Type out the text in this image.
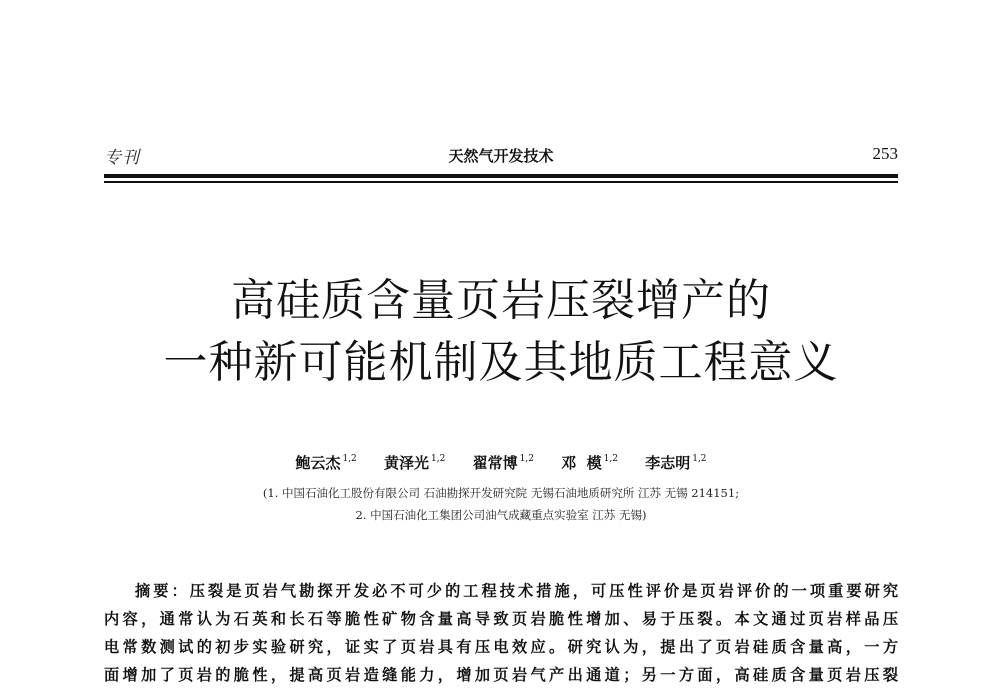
专刊	天然气开发技术	253
高硅质含量页岩压裂增产的
一种新可能机制及其地质工程意义
鲍云杰 $^{1,2}$ 黄泽光 $^{1,2}$ 翟常博 $^{1,2}$ 邓  模 $^{1,2}$ 李志明 $^{1,2}$
(1. 中国石油化工股份有限公司 石油勘探开发研究院 无锡石油地质研究所 江苏 无锡 214151;
2. 中国石油化工集团公司油气成藏重点实验室 江苏 无锡)
摘要：压裂是页岩气勘探开发必不可少的工程技术措施，可压性评价是页岩评价的一项重要研究
内容，通常认为石英和长石等脆性矿物含量高导致页岩脆性增加、易于压裂。本文通过页岩样品压
电常数测试的初步实验研究，证实了页岩具有压电效应。研究认为，提出了页岩硅质含量高，一方
面增加了页岩的脆性，提高页岩造缝能力，增加页岩气产出通道；另一方面，高硅质含量页岩压裂
